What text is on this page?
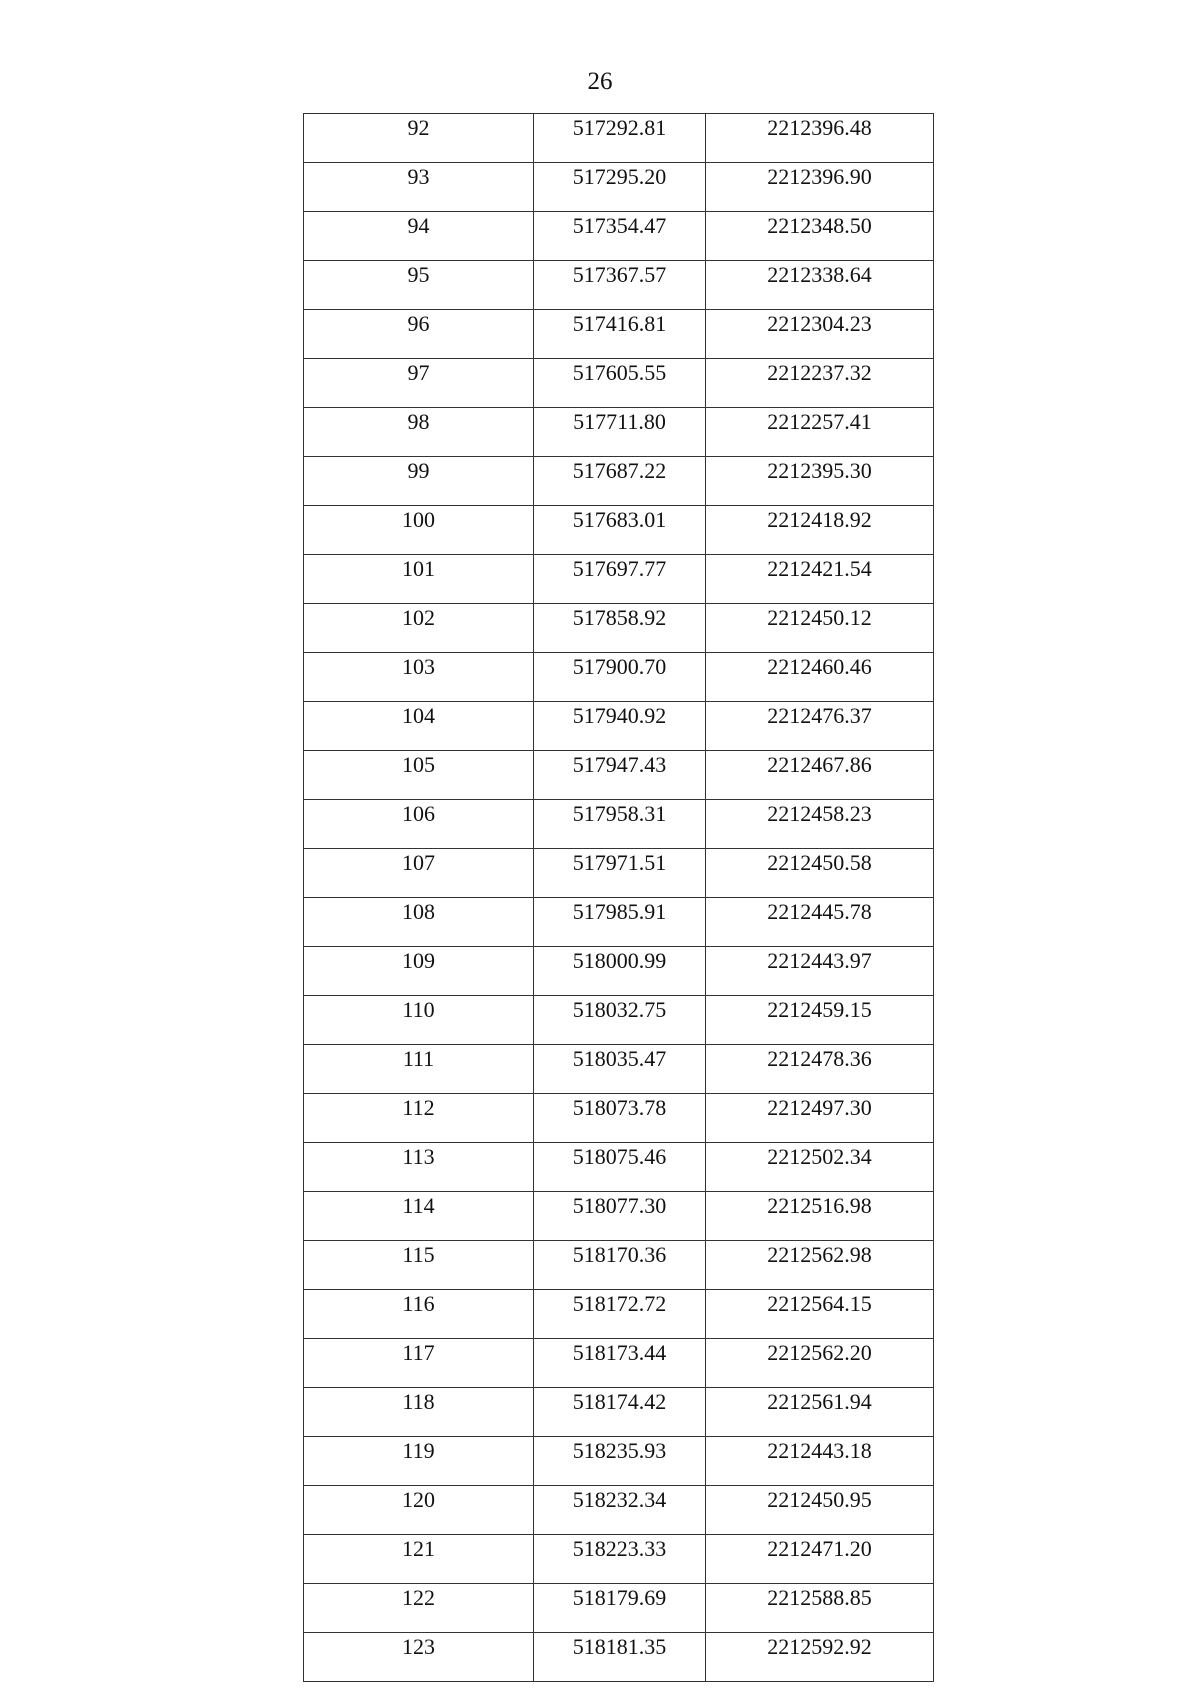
26
92	517292.81	2212396.48
93	517295.20	2212396.90
94	517354.47	2212348.50
95	517367.57	2212338.64
96	517416.81	2212304.23
97	517605.55	2212237.32
98	517711.80	2212257.41
99	517687.22	2212395.30
100	517683.01	2212418.92
101	517697.77	2212421.54
102	517858.92	2212450.12
103	517900.70	2212460.46
104	517940.92	2212476.37
105	517947.43	2212467.86
106	517958.31	2212458.23
107	517971.51	2212450.58
108	517985.91	2212445.78
109	518000.99	2212443.97
110	518032.75	2212459.15
111	518035.47	2212478.36
112	518073.78	2212497.30
113	518075.46	2212502.34
114	518077.30	2212516.98
115	518170.36	2212562.98
116	518172.72	2212564.15
117	518173.44	2212562.20
118	518174.42	2212561.94
119	518235.93	2212443.18
120	518232.34	2212450.95
121	518223.33	2212471.20
122	518179.69	2212588.85
123	518181.35	2212592.92
